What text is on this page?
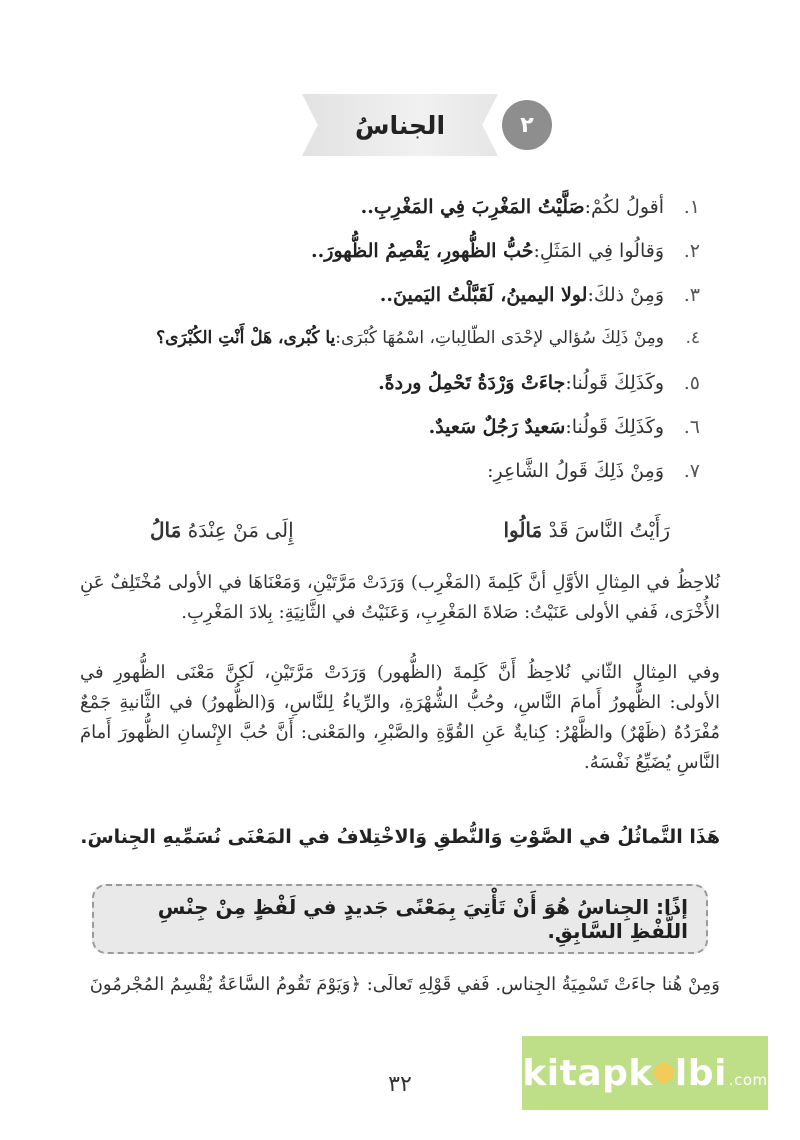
الجناسُ	٢
١.
أقولُ لكُمْ:
صَلَّيْتُ المَغْرِبَ فِي المَغْرِبِ..
٢.
وَقالُوا فِي المَثَلِ:
حُبُّ الظُّهورِ، يَقْصِمُ الظُّهورَ..
٣.
وَمِنْ ذلكَ:
لولا اليمينُ، لَقَبَّلْتُ اليَمينَ..
٤.
ومِنْ ذَلِكَ سُؤالي لإحْدَى الطّالِباتِ، اسْمُهَا كُبْرَى:
يا كُبْرى، هَلْ أَنْتِ الكُبْرَى؟
٥.
وكَذَلِكَ قَولُنا:
جاءَتْ وَرْدَةُ تَحْمِلُ وردةً.
٦.
وكَذَلِكَ قَولُنا:
سَعيدٌ رَجُلٌ سَعيدٌ.
٧.
وَمِنْ ذَلِكَ قَولُ الشَّاعِرِ:
رَأَيْتُ النَّاسَ قَدْ مَالُوا
إِلَى مَنْ عِنْدَهُ مَالُ

نُلاحِظُ في المِثالِ الأوَّلِ أنَّ كَلِمةَ (المَغْرِب) وَرَدَتْ مَرَّتَيْنِ، وَمَعْنَاهَا في الأولى مُخْتَلِفٌ عَنِ الأُخْرَى، فَفي الأولى عَنَيْتُ: صَلاةَ المَغْرِبِ، وَعَنَيْتُ في الثَّانِيَةِ: بِلادَ المَغْرِبِ.

وفي المِثالِ الثّاني نُلاحِظُ أَنَّ كَلِمةَ (الظُّهور) وَرَدَتْ مَرَّتَيْنِ، لَكِنَّ مَعْنَى الظُّهورِ في الأولى: الظُّهورُ أَمامَ النَّاسِ، وحُبُّ الشُّهْرَةِ، والرِّياءُ لِلنَّاسِ، وَ(الظُّهورُ) في الثَّانيةِ جَمْعٌ مُفْرَدُهُ (ظَهْرٌ) والظَّهْرُ: كِنايةٌ عَنِ القُوَّةِ والصَّبْرِ، والمَعْنى: أَنَّ حُبَّ الإِنْسانِ الظُّهورَ أَمامَ النَّاسِ يُضَيِّعُ نَفْسَهُ.

هَذَا التَّماثُلُ في الصَّوْتِ وَالنُّطقِ وَالاخْتِلافُ في المَعْنَى نُسَمِّيهِ الجِناسَ.
إذًا: الجِناسُ هُوَ أَنْ تَأْتِيَ بِمَعْنًى جَديدٍ في لَفْظٍ مِنْ جِنْسِ اللَّفْظِ السَّابِقِ.
وَمِنْ هُنا جاءَتْ تَسْمِيَةُ الجِناسِ. فَفي قَوْلِهِ تَعالَى: ﴿وَيَوْمَ تَقُومُ السَّاعَةُ يُقْسِمُ المُجْرِمُونَ
٣٢	kitapk lbi .com
